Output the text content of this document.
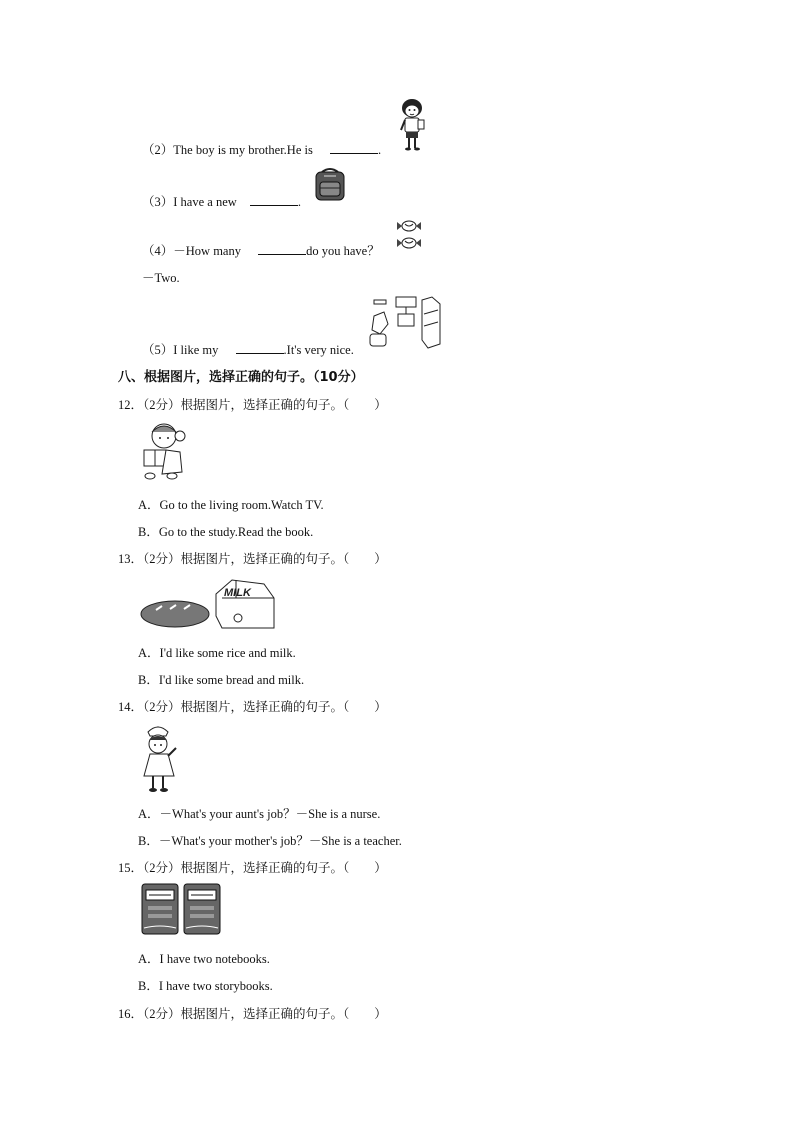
（2）The boy is my brother.He is	.
（3）I have a new	.
（4）－How many	do you have？
－Two.
（5）I like my	.It's very nice.
八、根据图片，选择正确的句子。（10分）
12．（2分）根据图片，选择正确的句子。（　　）
A．Go to the living room.Watch TV.
B．Go to the study.Read the book.
13．（2分）根据图片，选择正确的句子。（　　）
MILK
A．I'd like some rice and milk.
B．I'd like some bread and milk.
14．（2分）根据图片，选择正确的句子。（　　）
A．－What's your aunt's job？－She is a nurse.
B．－What's your mother's job？－She is a teacher.
15．（2分）根据图片，选择正确的句子。（　　）
A．I have two notebooks.
B．I have two storybooks.
16．（2分）根据图片，选择正确的句子。（　　）
